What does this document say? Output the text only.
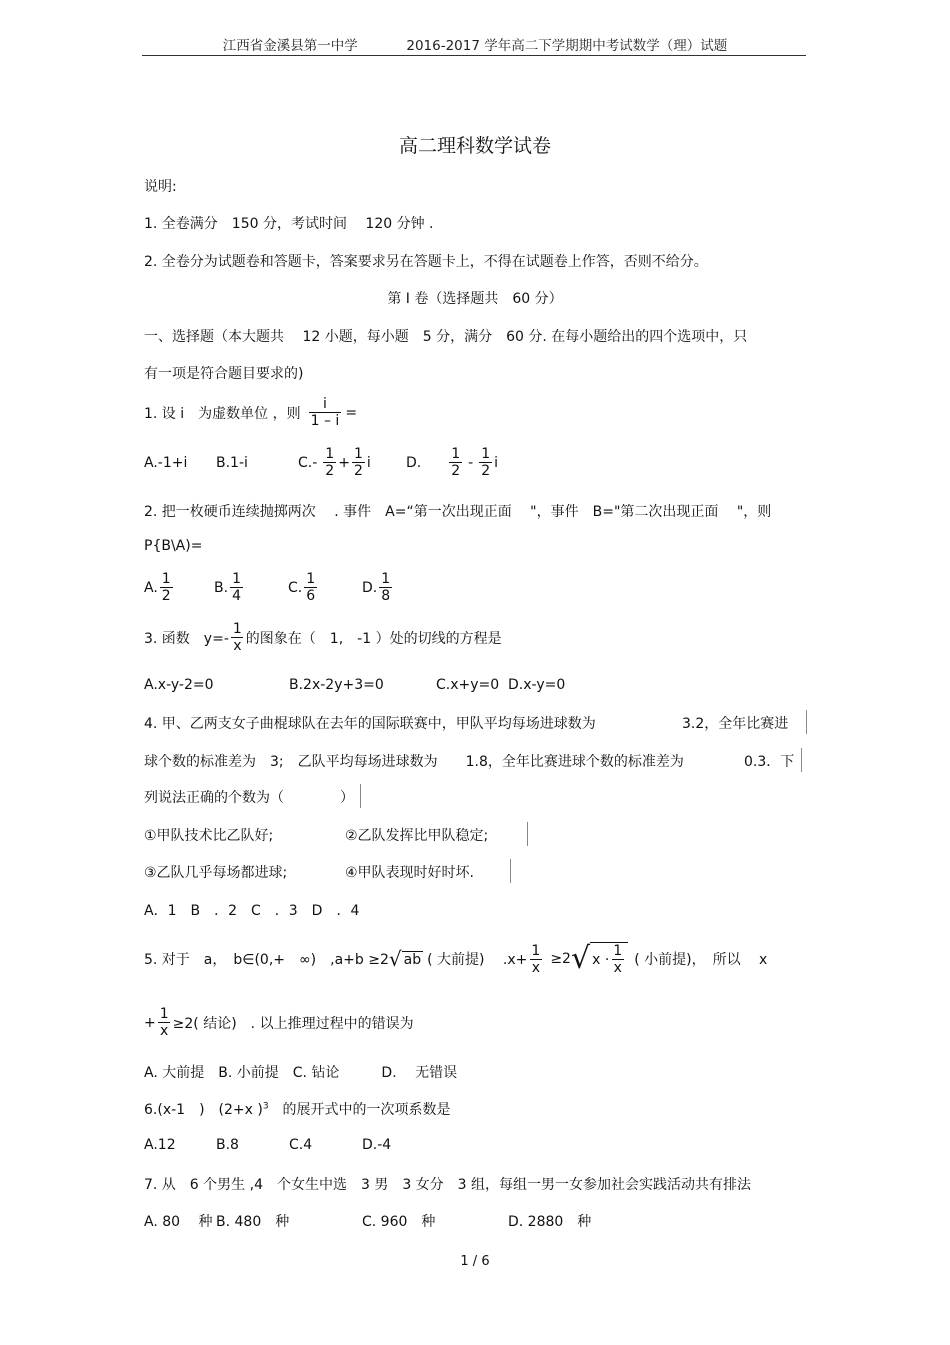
江西省金溪县第一中学	2016-2017 学年高二下学期期中考试数学（理）试题
高二理科数学试卷
说明:
1. 全卷满分　150 分，考试时间　 120 分钟 .
2. 全卷分为试题卷和答题卡，答案要求另在答题卡上，不得在试题卷上作答，否则不给分。
第 Ⅰ 卷（选择题共　60 分）
一、选择题（本大题共　 12 小题，每小题　5 分，满分　60 分. 在每小题给出的四个选项中，只
有一项是符合题目要求的)
1. 设 i　为虚数单位 ，则 $\frac{i}{1 - i}$ =
A.-1+i	B.1-i	$C.- \frac{1}{2} + \frac{1}{2}$ i	D. $\frac{1}{2} - \frac{1}{2}$ i
2. 把一枚硬币连续抛掷两次　 . 事件　A=“第一次出现正面　 "，事件　B="第二次出现正面　 "，则
P{B\A)=
A. $\frac{1}{2}$	B. $\frac{1}{4}$	C. $\frac{1}{6}$	D. $\frac{1}{8}$
3. 函数　$y=- \frac{1}{x}$ 的图象在（　1,　-1 ）处的切线的方程是
A.x-y-2=0	B.2x-2y+3=0	C.x+y=0 D.x-y=0
4. 甲、乙两支女子曲棍球队在去年的国际联赛中，甲队平均每场进球数为	3.2，全年比赛进
球个数的标准差为　3;　乙队平均每场进球数为　　1.8，全年比赛进球个数的标准差为	0.3．下
列说法正确的个数为（　　　　）
①甲队技术比乙队好;	②乙队发挥比甲队稳定;
③乙队几乎每场都进球;	④甲队表现时好时坏.
A．1　B　．2　C　．3　D　．4
5. 对于　a，　b∈(0,+　∞)　,a+b ≥2 √ ab ( 大前提)　 $.x+ \frac{1}{x} \ge 2$ √ $x \cdot \frac{1}{x}$ ( 小前提)，　所以　 x
+ $\frac{1}{x} \ge 2$( 结论)　. 以上推理过程中的错误为
A. 大前提　B. 小前提　C. 钻论　　　D.　 无错误
6.(x-1　)　(2+x )$^3$　的展开式中的一次项系数是
A.12	B.8	C.4	D.-4
7. 从　6 个男生 ,4　个女生中选　3 男　3 女分　3 组，每组一男一女参加社会实践活动共有排法
A. 80　 种 B. 480　种	C. 960　种	D. 2880　种
1 / 6
